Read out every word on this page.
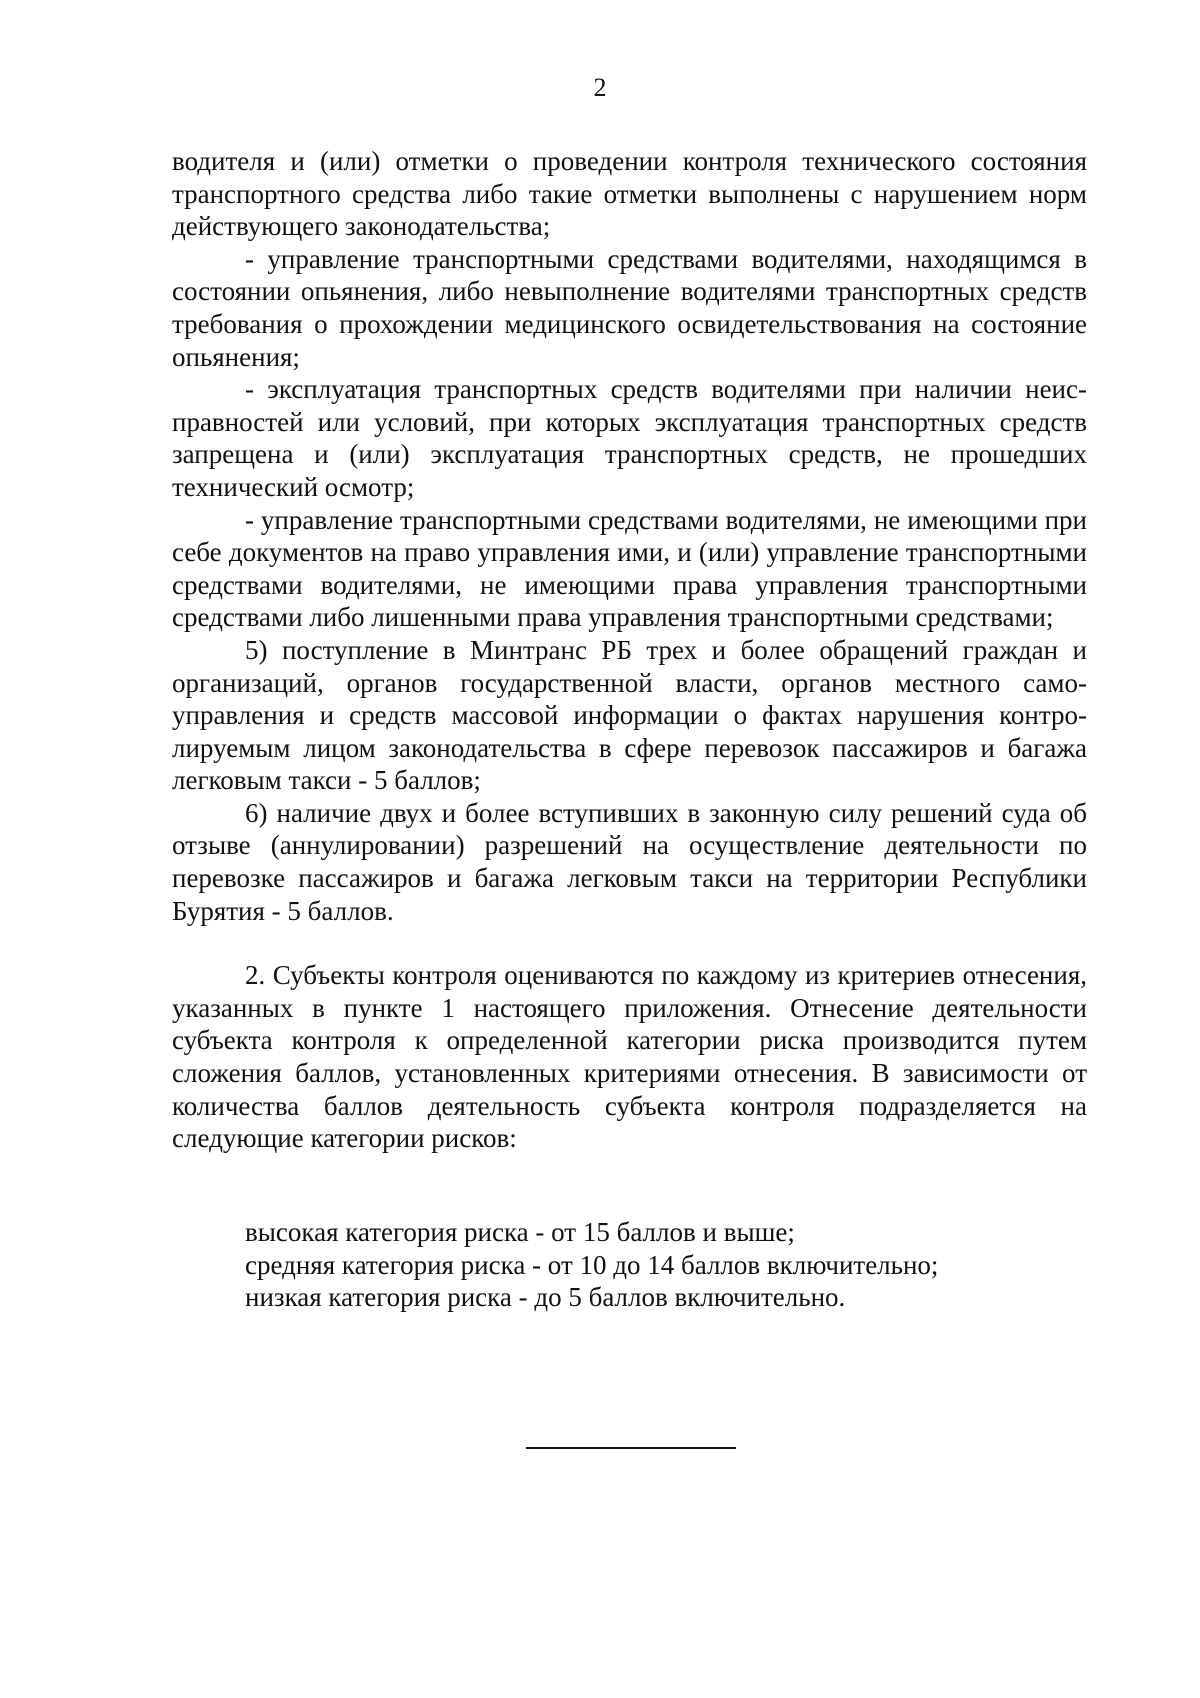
2

водителя и (или) отметки о проведении контроля технического состояния транспортного средства либо такие отметки выполнены с нарушением норм действующего законодательства;

- управление транспортными средствами водителями, находящимся в состоянии опьянения, либо невыполнение водителями транспортных средств требования о прохождении медицинского освидетельствования на состояние опьянения;

- эксплуатация транспортных средств водителями при наличии неисправностей или условий, при которых эксплуатация транспортных средств запрещена и (или) эксплуатация транспортных средств, не прошедших технический осмотр;

- управление транспортными средствами водителями, не имеющими при себе документов на право управления ими, и (или) управление транспортными средствами водителями, не имеющими права управления транспортными средствами либо лишенными права управления транспортными средствами;

5) поступление в Минтранс РБ трех и более обращений граждан и организаций, органов государственной власти, органов местного самоуправления и средств массовой информации о фактах нарушения контролируемым лицом законодательства в сфере перевозок пассажиров и багажа легковым такси - 5 баллов;

6) наличие двух и более вступивших в законную силу решений суда об отзыве (аннулировании) разрешений на осуществление деятельности по перевозке пассажиров и багажа легковым такси на территории Республики Бурятия - 5 баллов.

2. Субъекты контроля оцениваются по каждому из критериев отнесения, указанных в пункте 1 настоящего приложения. Отнесение деятельности субъекта контроля к определенной категории риска производится путем сложения баллов, установленных критериями отнесения. В зависимости от количества баллов деятельность субъекта контроля подразделяется на следующие категории рисков:

высокая категория риска - от 15 баллов и выше;
средняя категория риска - от 10 до 14 баллов включительно;
низкая категория риска - до 5 баллов включительно.
